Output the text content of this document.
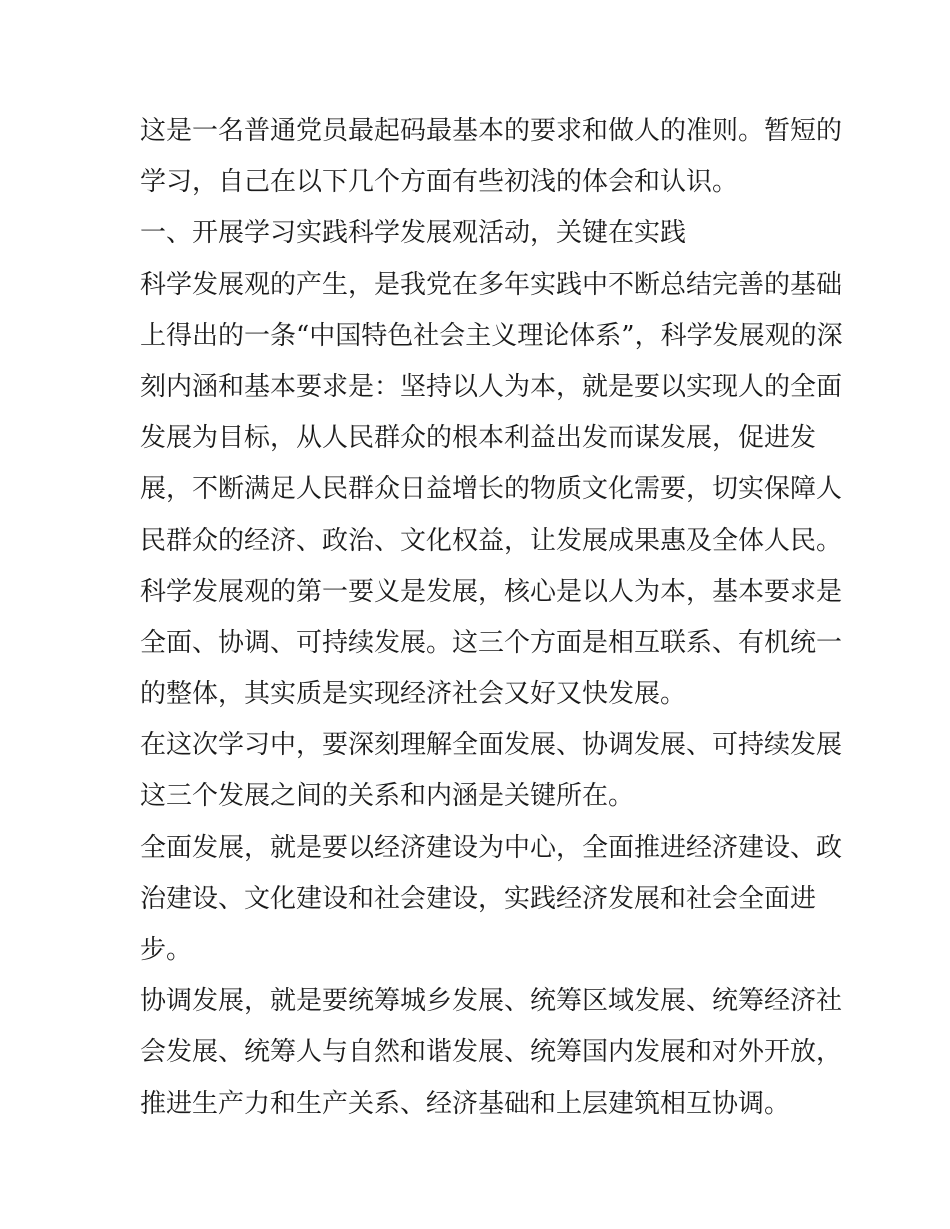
这是一名普通党员最起码最基本的要求和做人的准则。暂短的
学习，自己在以下几个方面有些初浅的体会和认识。
一、开展学习实践科学发展观活动，关键在实践
科学发展观的产生，是我党在多年实践中不断总结完善的基础
上得出的一条“中国特色社会主义理论体系”，科学发展观的深
刻内涵和基本要求是：坚持以人为本，就是要以实现人的全面
发展为目标，从人民群众的根本利益出发而谋发展，促进发
展，不断满足人民群众日益增长的物质文化需要，切实保障人
民群众的经济、政治、文化权益，让发展成果惠及全体人民。
科学发展观的第一要义是发展，核心是以人为本，基本要求是
全面、协调、可持续发展。这三个方面是相互联系、有机统一
的整体，其实质是实现经济社会又好又快发展。
在这次学习中，要深刻理解全面发展、协调发展、可持续发展
这三个发展之间的关系和内涵是关键所在。
全面发展，就是要以经济建设为中心，全面推进经济建设、政
治建设、文化建设和社会建设，实践经济发展和社会全面进
步。
协调发展，就是要统筹城乡发展、统筹区域发展、统筹经济社
会发展、统筹人与自然和谐发展、统筹国内发展和对外开放，
推进生产力和生产关系、经济基础和上层建筑相互协调。
